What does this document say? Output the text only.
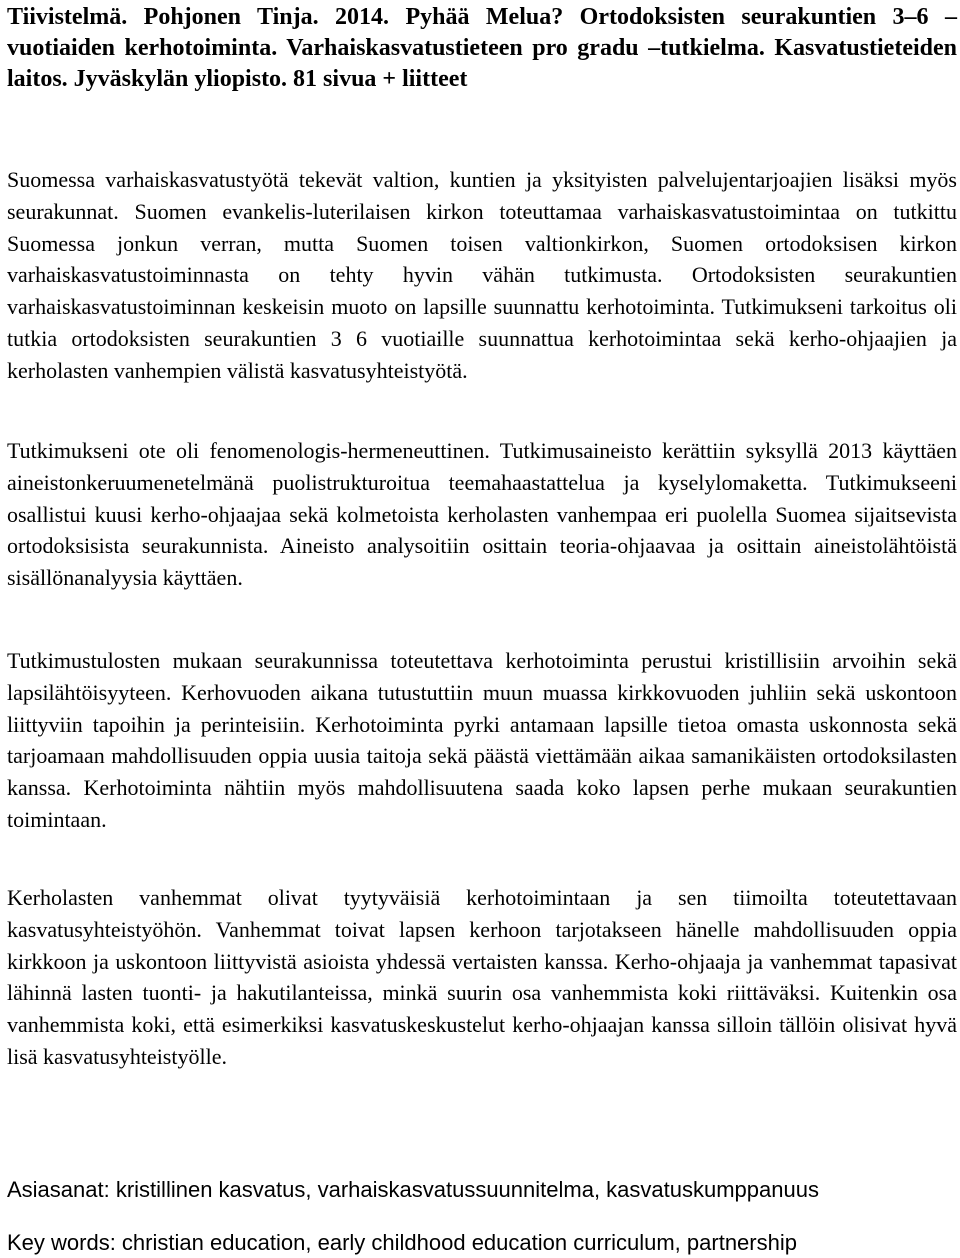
Tiivistelmä. Pohjonen Tinja. 2014. Pyhää Melua? Ortodoksisten seurakuntien 3–6 –vuotiaiden kerhotoiminta. Varhaiskasvatustieteen pro gradu –tutkielma. Kasvatustieteiden laitos. Jyväskylän yliopisto. 81 sivua + liitteet

Suomessa varhaiskasvatustyötä tekevät valtion, kuntien ja yksityisten palvelujentarjoajien lisäksi myös seurakunnat. Suomen evankelis-luterilaisen kirkon toteuttamaa varhaiskasvatustoimintaa on tutkittu Suomessa jonkun verran, mutta Suomen toisen valtionkirkon, Suomen ortodoksisen kirkon varhaiskasvatustoiminnasta on tehty hyvin vähän tutkimusta. Ortodoksisten seurakuntien varhaiskasvatustoiminnan keskeisin muoto on lapsille suunnattu kerhotoiminta. Tutkimukseni tarkoitus oli tutkia ortodoksisten seurakuntien 3 6 vuotiaille suunnattua kerhotoimintaa sekä kerho-ohjaajien ja kerholasten vanhempien välistä kasvatusyhteistyötä.

Tutkimukseni ote oli fenomenologis-hermeneuttinen. Tutkimusaineisto kerättiin syksyllä 2013 käyttäen aineistonkeruumenetelmänä puolistrukturoitua teemahaastattelua ja kyselylomaketta. Tutkimukseeni osallistui kuusi kerho-ohjaajaa sekä kolmetoista kerholasten vanhempaa eri puolella Suomea sijaitsevista ortodoksisista seurakunnista. Aineisto analysoitiin osittain teoria-ohjaavaa ja osittain aineistolähtöistä sisällönanalyysia käyttäen.

Tutkimustulosten mukaan seurakunnissa toteutettava kerhotoiminta perustui kristillisiin arvoihin sekä lapsilähtöisyyteen. Kerhovuoden aikana tutustuttiin muun muassa kirkkovuoden juhliin sekä uskontoon liittyviin tapoihin ja perinteisiin. Kerhotoiminta pyrki antamaan lapsille tietoa omasta uskonnosta sekä tarjoamaan mahdollisuuden oppia uusia taitoja sekä päästä viettämään aikaa samanikäisten ortodoksilasten kanssa. Kerhotoiminta nähtiin myös mahdollisuutena saada koko lapsen perhe mukaan seurakuntien toimintaan.

Kerholasten vanhemmat olivat tyytyväisiä kerhotoimintaan ja sen tiimoilta toteutettavaan kasvatusyhteistyöhön. Vanhemmat toivat lapsen kerhoon tarjotakseen hänelle mahdollisuuden oppia kirkkoon ja uskontoon liittyvistä asioista yhdessä vertaisten kanssa. Kerho-ohjaaja ja vanhemmat tapasivat lähinnä lasten tuonti- ja hakutilanteissa, minkä suurin osa vanhemmista koki riittäväksi. Kuitenkin osa vanhemmista koki, että esimerkiksi kasvatuskeskustelut kerho-ohjaajan kanssa silloin tällöin olisivat hyvä lisä kasvatusyhteistyölle.

Asiasanat: kristillinen kasvatus, varhaiskasvatussuunnitelma, kasvatuskumppanuus

Key words: christian education, early childhood education curriculum, partnership
